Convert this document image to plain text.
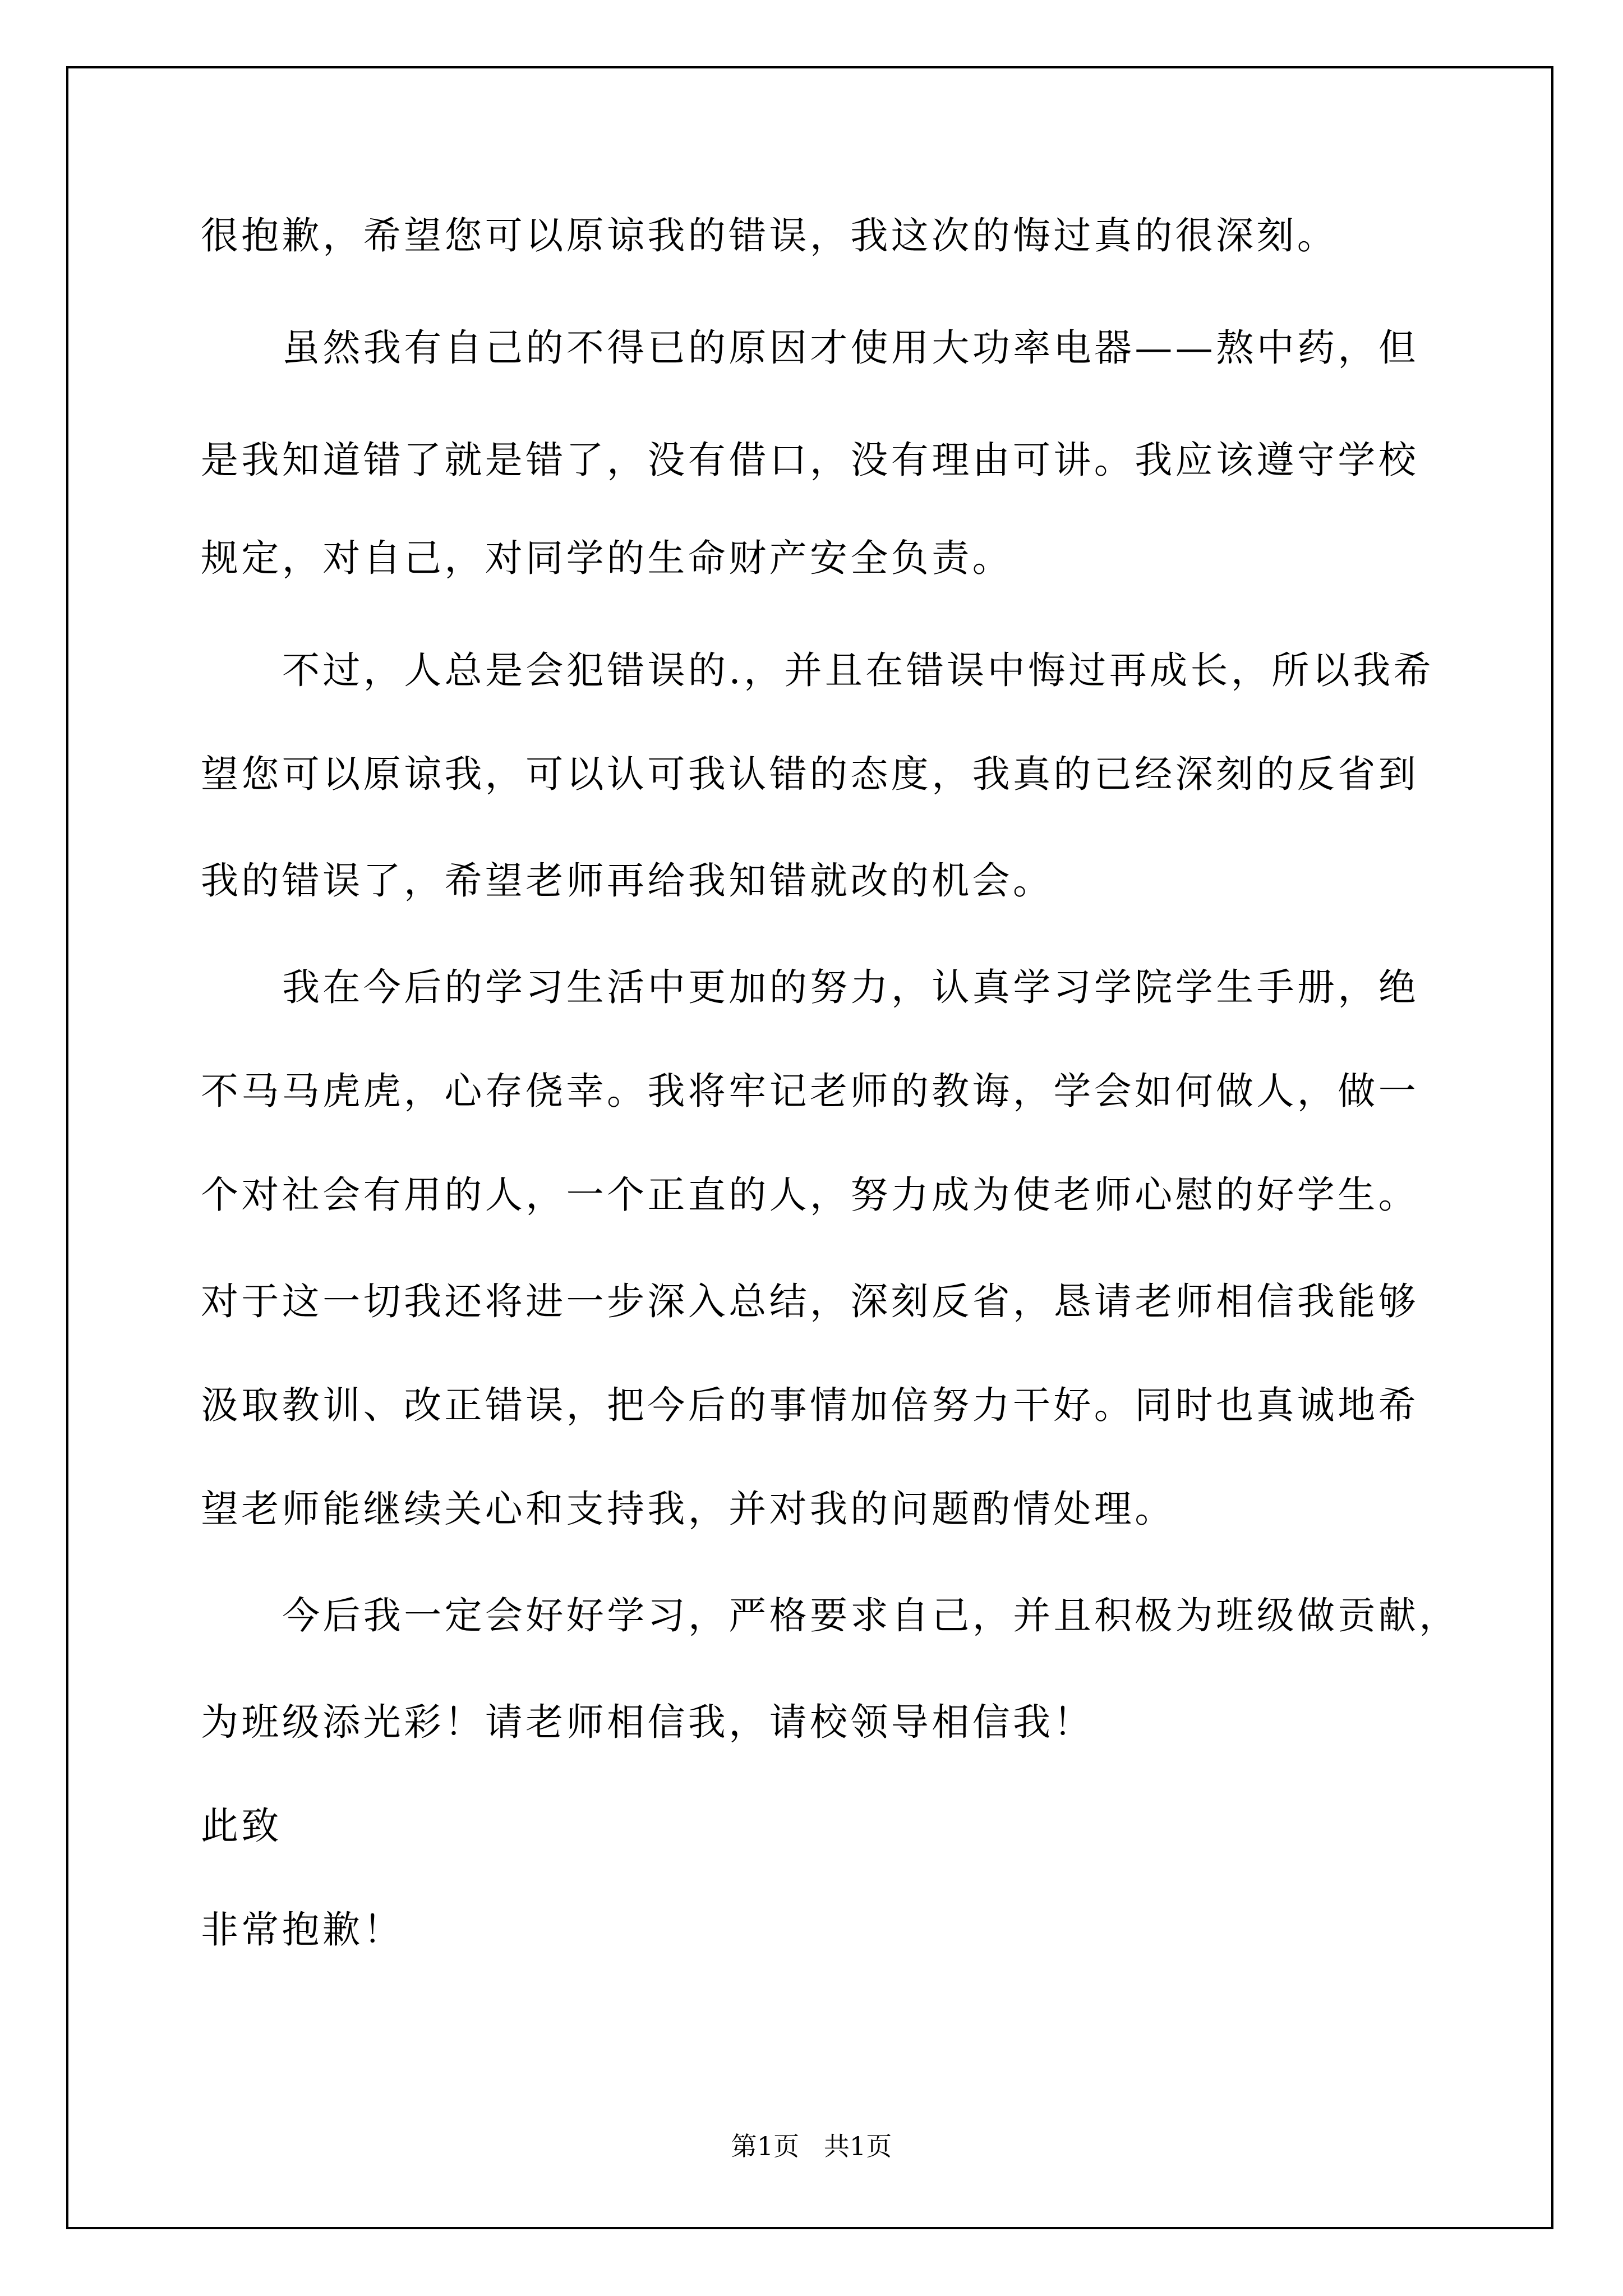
很抱歉，希望您可以原谅我的错误，我这次的悔过真的很深刻。
虽然我有自己的不得已的原因才使用大功率电器——熬中药，但
是我知道错了就是错了，没有借口，没有理由可讲。我应该遵守学校
规定，对自己，对同学的生命财产安全负责。
不过，人总是会犯错误的.，并且在错误中悔过再成长，所以我希
望您可以原谅我，可以认可我认错的态度，我真的已经深刻的反省到
我的错误了，希望老师再给我知错就改的机会。
我在今后的学习生活中更加的努力，认真学习学院学生手册，绝
不马马虎虎，心存侥幸。我将牢记老师的教诲，学会如何做人，做一
个对社会有用的人，一个正直的人，努力成为使老师心慰的好学生。
对于这一切我还将进一步深入总结，深刻反省，恳请老师相信我能够
汲取教训、改正错误，把今后的事情加倍努力干好。同时也真诚地希
望老师能继续关心和支持我，并对我的问题酌情处理。
今后我一定会好好学习，严格要求自己，并且积极为班级做贡献，
为班级添光彩！请老师相信我，请校领导相信我！
此致
非常抱歉！
第1页   共1页
